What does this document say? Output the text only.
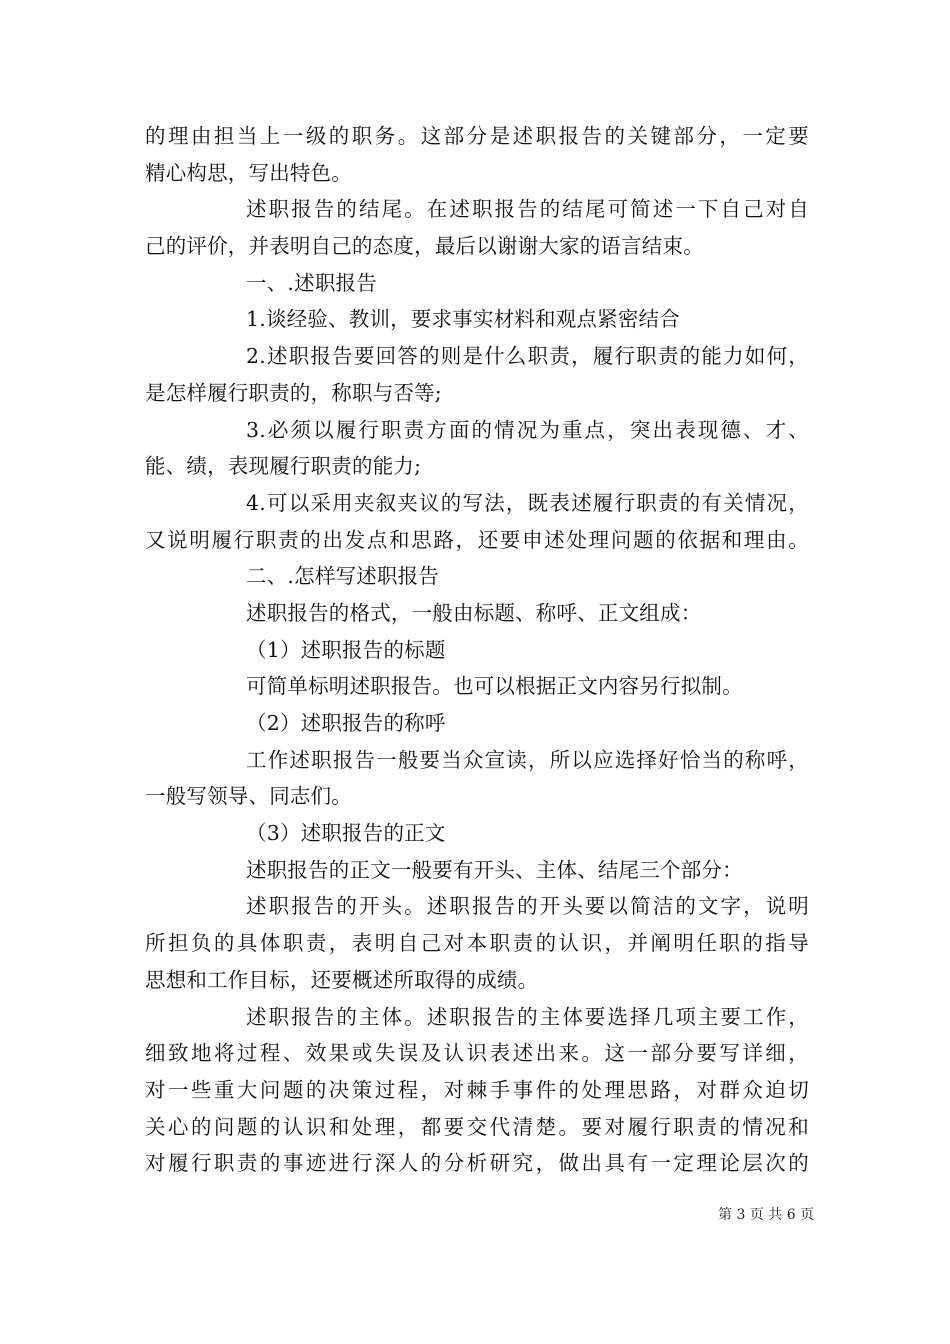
的理由担当上一级的职务。这部分是述职报告的关键部分，一定要
精心构思，写出特色。
述职报告的结尾。在述职报告的结尾可简述一下自己对自
己的评价，并表明自己的态度，最后以谢谢大家的语言结束。
一、.述职报告
1.谈经验、教训，要求事实材料和观点紧密结合
2.述职报告要回答的则是什么职责，履行职责的能力如何，
是怎样履行职责的，称职与否等;
3.必须以履行职责方面的情况为重点，突出表现德、才、
能、绩，表现履行职责的能力;
4.可以采用夹叙夹议的写法，既表述履行职责的有关情况，
又说明履行职责的出发点和思路，还要申述处理问题的依据和理由。
二、.怎样写述职报告
述职报告的格式，一般由标题、称呼、正文组成：
（1）述职报告的标题
可简单标明述职报告。也可以根据正文内容另行拟制。
（2）述职报告的称呼
工作述职报告一般要当众宣读，所以应选择好恰当的称呼，
一般写领导、同志们。
（3）述职报告的正文
述职报告的正文一般要有开头、主体、结尾三个部分：
述职报告的开头。述职报告的开头要以简洁的文字，说明
所担负的具体职责，表明自己对本职责的认识，并阐明任职的指导
思想和工作目标，还要概述所取得的成绩。
述职报告的主体。述职报告的主体要选择几项主要工作，
细致地将过程、效果或失误及认识表述出来。这一部分要写详细，
对一些重大问题的决策过程，对棘手事件的处理思路，对群众迫切
关心的问题的认识和处理，都要交代清楚。要对履行职责的情况和
对履行职责的事迹进行深人的分析研究，做出具有一定理论层次的
第 3 页 共 6 页
